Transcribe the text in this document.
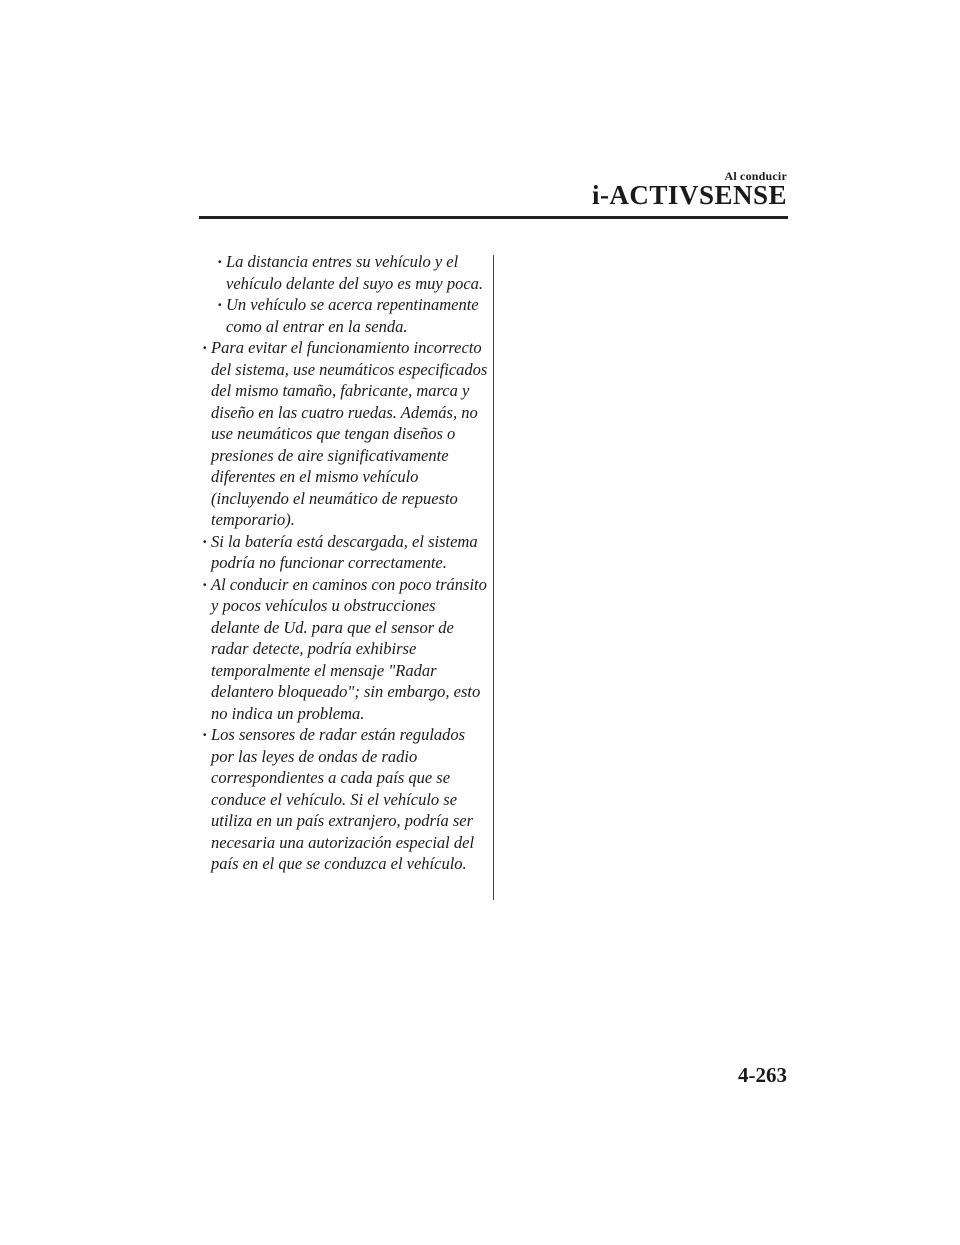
Al conducir
i-ACTIVSENSE
· La distancia entres su vehículo y el vehículo delante del suyo es muy poca.
· Un vehículo se acerca repentinamente como al entrar en la senda.
· Para evitar el funcionamiento incorrecto del sistema, use neumáticos especificados del mismo tamaño, fabricante, marca y diseño en las cuatro ruedas. Además, no use neumáticos que tengan diseños o presiones de aire significativamente diferentes en el mismo vehículo (incluyendo el neumático de repuesto temporario).
· Si la batería está descargada, el sistema podría no funcionar correctamente.
· Al conducir en caminos con poco tránsito y pocos vehículos u obstrucciones delante de Ud. para que el sensor de radar detecte, podría exhibirse temporalmente el mensaje "Radar delantero bloqueado"; sin embargo, esto no indica un problema.
· Los sensores de radar están regulados por las leyes de ondas de radio correspondientes a cada país que se conduce el vehículo. Si el vehículo se utiliza en un país extranjero, podría ser necesaria una autorización especial del país en el que se conduzca el vehículo.
4-263
